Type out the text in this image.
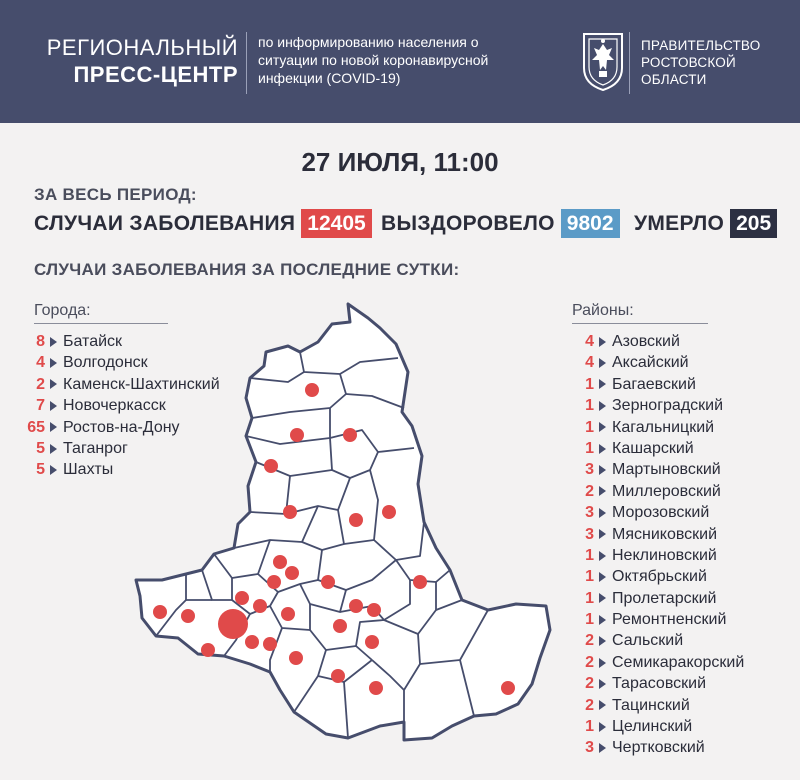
РЕГИОНАЛЬНЫЙ
ПРЕСС-ЦЕНТР
по информированию населения о ситуации по новой коронавирусной инфекции (COVID-19)
ПРАВИТЕЛЬСТВО
РОСТОВСКОЙ
ОБЛАСТИ
27 ИЮЛЯ, 11:00
ЗА ВЕСЬ ПЕРИОД:
СЛУЧАИ ЗАБОЛЕВАНИЯ 12405 ВЫЗДОРОВЕЛО 9802 УМЕРЛО 205
СЛУЧАИ ЗАБОЛЕВАНИЯ ЗА ПОСЛЕДНИЕ СУТКИ:
Города:
8 Батайск
4 Волгодонск
2 Каменск-Шахтинский
7 Новочеркасск
65 Ростов-на-Дону
5 Таганрог
5 Шахты
Районы:
4 Азовский
4 Аксайский
1 Багаевский
1 Зерноградский
1 Кагальницкий
1 Кашарский
3 Мартыновский
2 Миллеровский
3 Морозовский
3 Мясниковский
1 Неклиновский
1 Октябрьский
1 Пролетарский
1 Ремонтненский
2 Сальский
2 Семикаракорский
2 Тарасовский
2 Тацинский
1 Целинский
3 Чертковский
